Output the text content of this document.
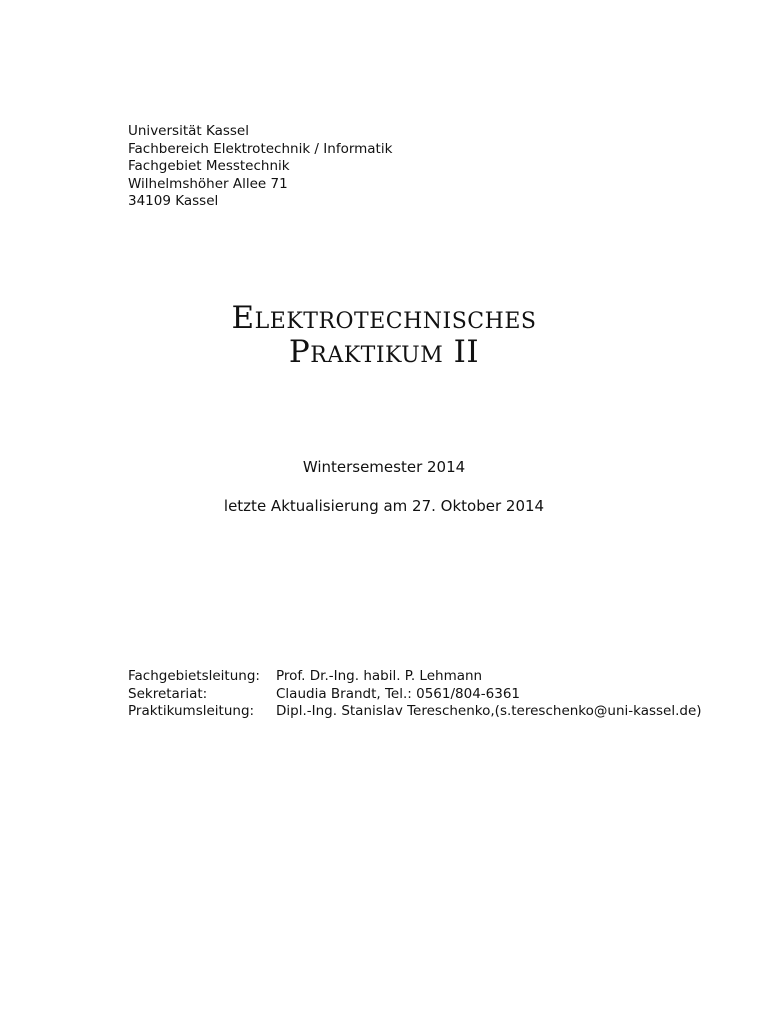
Universität Kassel
Fachbereich Elektrotechnik / Informatik
Fachgebiet Messtechnik
Wilhelmshöher Allee 71
34109 Kassel
Elektrotechnisches
Praktikum II
Wintersemester 2014
letzte Aktualisierung am 27. Oktober 2014
Fachgebietsleitung:	Prof. Dr.-Ing. habil. P. Lehmann
Sekretariat:	Claudia Brandt, Tel.: 0561/804-6361
Praktikumsleitung:	Dipl.-Ing. Stanislav Tereschenko,(s.tereschenko@uni-kassel.de)
